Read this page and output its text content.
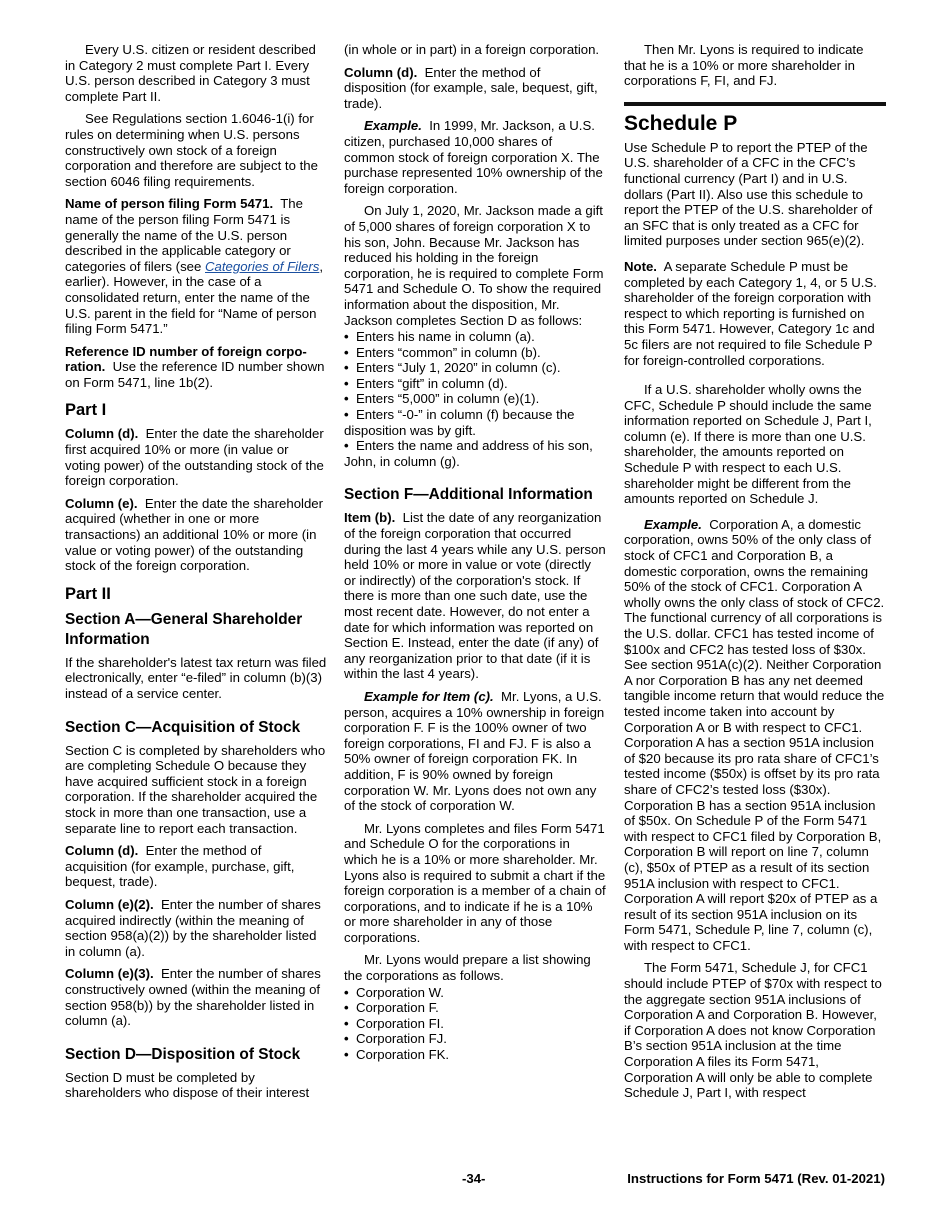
Every U.S. citizen or resident described in Category 2 must complete Part I. Every U.S. person described in Category 3 must complete Part II.

See Regulations section 1.6046-1(i) for rules on determining when U.S. persons constructively own stock of a foreign corporation and therefore are subject to the section 6046 filing requirements.

Name of person filing Form 5471. The name of the person filing Form 5471 is generally the name of the U.S. person described in the applicable category or categories of filers (see Categories of Filers, earlier). However, in the case of a consolidated return, enter the name of the U.S. parent in the field for “Name of person filing Form 5471.”

Reference ID number of foreign corpo-ration. Use the reference ID number shown on Form 5471, line 1b(2).

Part I

Column (d). Enter the date the shareholder first acquired 10% or more (in value or voting power) of the outstanding stock of the foreign corporation.

Column (e). Enter the date the shareholder acquired (whether in one or more transactions) an additional 10% or more (in value or voting power) of the outstanding stock of the foreign corporation.

Part II
Section A—General Shareholder Information

If the shareholder's latest tax return was filed electronically, enter “e-filed” in column (b)(3) instead of a service center.

Section C—Acquisition of Stock

Section C is completed by shareholders who are completing Schedule O because they have acquired sufficient stock in a foreign corporation. If the shareholder acquired the stock in more than one transaction, use a separate line to report each transaction.

Column (d). Enter the method of acquisition (for example, purchase, gift, bequest, trade).

Column (e)(2). Enter the number of shares acquired indirectly (within the meaning of section 958(a)(2)) by the shareholder listed in column (a).

Column (e)(3). Enter the number of shares constructively owned (within the meaning of section 958(b)) by the shareholder listed in column (a).

Section D—Disposition of Stock

Section D must be completed by shareholders who dispose of their interest

(in whole or in part) in a foreign corporation.

Column (d). Enter the method of disposition (for example, sale, bequest, gift, trade).

Example. In 1999, Mr. Jackson, a U.S. citizen, purchased 10,000 shares of common stock of foreign corporation X. The purchase represented 10% ownership of the foreign corporation.

On July 1, 2020, Mr. Jackson made a gift of 5,000 shares of foreign corporation X to his son, John. Because Mr. Jackson has reduced his holding in the foreign corporation, he is required to complete Form 5471 and Schedule O. To show the required information about the disposition, Mr. Jackson completes Section D as follows:

• Enters his name in column (a).
• Enters “common” in column (b).
• Enters “July 1, 2020” in column (c).
• Enters “gift” in column (d).
• Enters “5,000” in column (e)(1).
• Enters “-0-” in column (f) because the disposition was by gift.
• Enters the name and address of his son, John, in column (g).
Section F—Additional Information

Item (b). List the date of any reorganization of the foreign corporation that occurred during the last 4 years while any U.S. person held 10% or more in value or vote (directly or indirectly) of the corporation's stock. If there is more than one such date, use the most recent date. However, do not enter a date for which information was reported on Section E. Instead, enter the date (if any) of any reorganization prior to that date (if it is within the last 4 years).

Example for Item (c). Mr. Lyons, a U.S. person, acquires a 10% ownership in foreign corporation F. F is the 100% owner of two foreign corporations, FI and FJ. F is also a 50% owner of foreign corporation FK. In addition, F is 90% owned by foreign corporation W. Mr. Lyons does not own any of the stock of corporation W.

Mr. Lyons completes and files Form 5471 and Schedule O for the corporations in which he is a 10% or more shareholder. Mr. Lyons also is required to submit a chart if the foreign corporation is a member of a chain of corporations, and to indicate if he is a 10% or more shareholder in any of those corporations.

Mr. Lyons would prepare a list showing the corporations as follows.

• Corporation W.
• Corporation F.
• Corporation FI.
• Corporation FJ.
• Corporation FK.

Then Mr. Lyons is required to indicate that he is a 10% or more shareholder in corporations F, FI, and FJ.

Schedule P

Use Schedule P to report the PTEP of the U.S. shareholder of a CFC in the CFC’s functional currency (Part I) and in U.S. dollars (Part II). Also use this schedule to report the PTEP of the U.S. shareholder of an SFC that is only treated as a CFC for limited purposes under section 965(e)(2).

Note. A separate Schedule P must be completed by each Category 1, 4, or 5 U.S. shareholder of the foreign corporation with respect to which reporting is furnished on this Form 5471. However, Category 1c and 5c filers are not required to file Schedule P for foreign-controlled corporations.

If a U.S. shareholder wholly owns the CFC, Schedule P should include the same information reported on Schedule J, Part I, column (e). If there is more than one U.S. shareholder, the amounts reported on Schedule P with respect to each U.S. shareholder might be different from the amounts reported on Schedule J.

Example. Corporation A, a domestic corporation, owns 50% of the only class of stock of CFC1 and Corporation B, a domestic corporation, owns the remaining 50% of the stock of CFC1. Corporation A wholly owns the only class of stock of CFC2. The functional currency of all corporations is the U.S. dollar. CFC1 has tested income of $100x and CFC2 has tested loss of $30x. See section 951A(c)(2). Neither Corporation A nor Corporation B has any net deemed tangible income return that would reduce the tested income taken into account by Corporation A or B with respect to CFC1. Corporation A has a section 951A inclusion of $20 because its pro rata share of CFC1’s tested income ($50x) is offset by its pro rata share of CFC2’s tested loss ($30x). Corporation B has a section 951A inclusion of $50x. On Schedule P of the Form 5471 with respect to CFC1 filed by Corporation B, Corporation B will report on line 7, column (c), $50x of PTEP as a result of its section 951A inclusion with respect to CFC1. Corporation A will report $20x of PTEP as a result of its section 951A inclusion on its Form 5471, Schedule P, line 7, column (c), with respect to CFC1.

The Form 5471, Schedule J, for CFC1 should include PTEP of $70x with respect to the aggregate section 951A inclusions of Corporation A and Corporation B. However, if Corporation A does not know Corporation B’s section 951A inclusion at the time Corporation A files its Form 5471, Corporation A will only be able to complete Schedule J, Part I, with respect

-34-	Instructions for Form 5471 (Rev. 01-2021)
